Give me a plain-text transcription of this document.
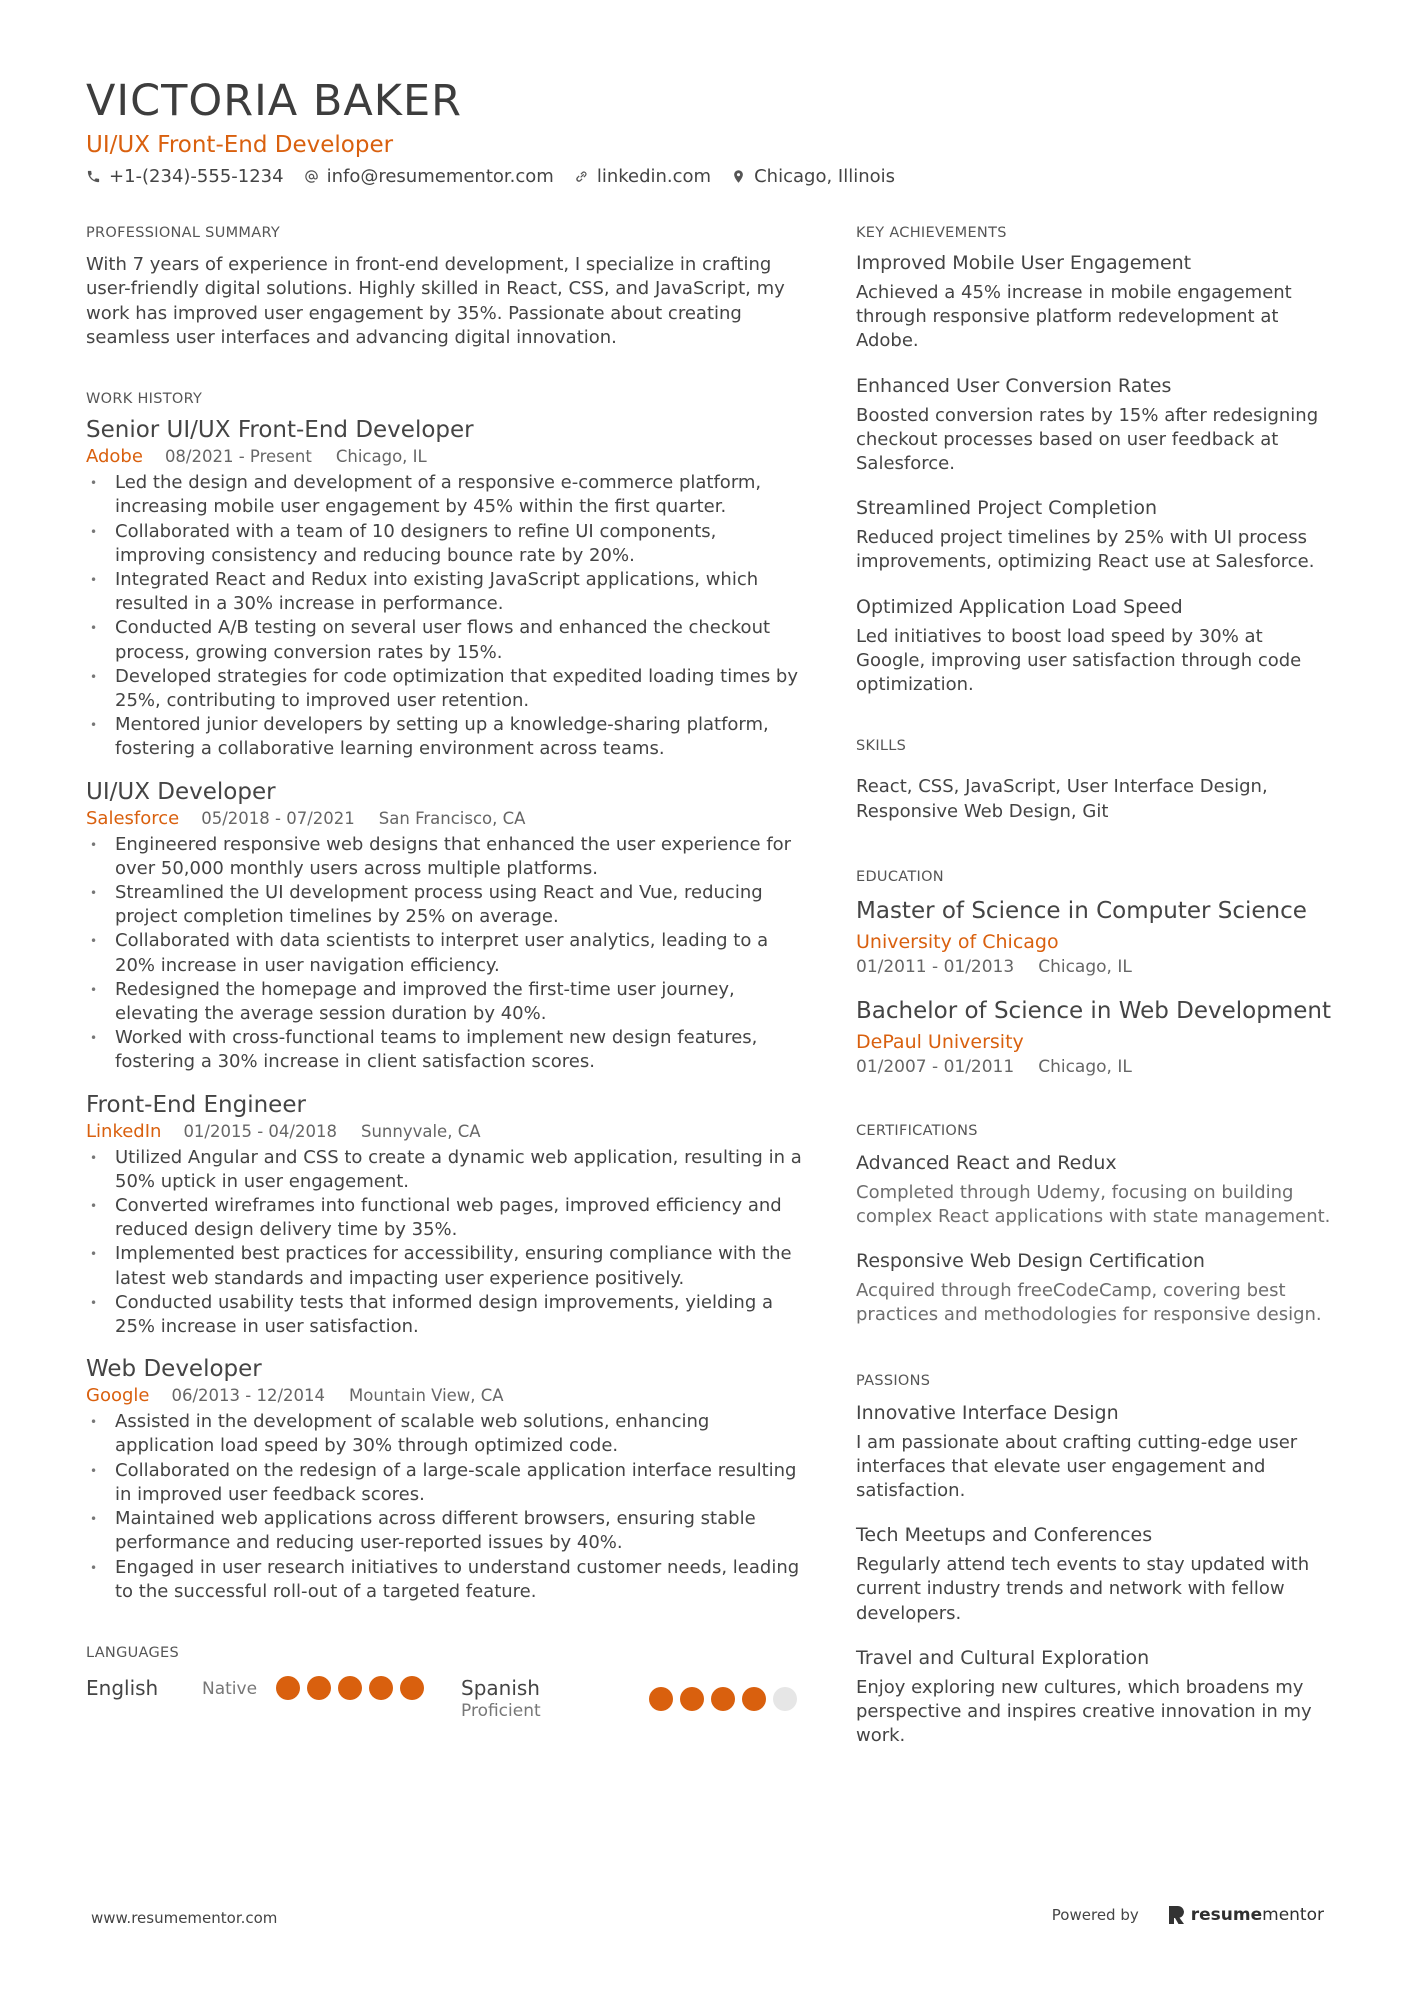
VICTORIA BAKER
UI/UX Front-End Developer
+1-(234)-555-1234 info@resumementor.com linkedin.com Chicago, Illinois
PROFESSIONAL SUMMARY
With 7 years of experience in front-end development, I specialize in crafting user-friendly digital solutions. Highly skilled in React, CSS, and JavaScript, my work has improved user engagement by 35%. Passionate about creating seamless user interfaces and advancing digital innovation.
WORK HISTORY
Senior UI/UX Front-End Developer
Adobe 08/2021 - Present Chicago, IL
• Led the design and development of a responsive e-commerce platform, increasing mobile user engagement by 45% within the first quarter.
• Collaborated with a team of 10 designers to refine UI components, improving consistency and reducing bounce rate by 20%.
• Integrated React and Redux into existing JavaScript applications, which resulted in a 30% increase in performance.
• Conducted A/B testing on several user flows and enhanced the checkout process, growing conversion rates by 15%.
• Developed strategies for code optimization that expedited loading times by 25%, contributing to improved user retention.
• Mentored junior developers by setting up a knowledge-sharing platform, fostering a collaborative learning environment across teams.
UI/UX Developer
Salesforce 05/2018 - 07/2021 San Francisco, CA
• Engineered responsive web designs that enhanced the user experience for over 50,000 monthly users across multiple platforms.
• Streamlined the UI development process using React and Vue, reducing project completion timelines by 25% on average.
• Collaborated with data scientists to interpret user analytics, leading to a 20% increase in user navigation efficiency.
• Redesigned the homepage and improved the first-time user journey, elevating the average session duration by 40%.
• Worked with cross-functional teams to implement new design features, fostering a 30% increase in client satisfaction scores.
Front-End Engineer
LinkedIn 01/2015 - 04/2018 Sunnyvale, CA
• Utilized Angular and CSS to create a dynamic web application, resulting in a 50% uptick in user engagement.
• Converted wireframes into functional web pages, improved efficiency and reduced design delivery time by 35%.
• Implemented best practices for accessibility, ensuring compliance with the latest web standards and impacting user experience positively.
• Conducted usability tests that informed design improvements, yielding a 25% increase in user satisfaction.
Web Developer
Google 06/2013 - 12/2014 Mountain View, CA
• Assisted in the development of scalable web solutions, enhancing application load speed by 30% through optimized code.
• Collaborated on the redesign of a large-scale application interface resulting in improved user feedback scores.
• Maintained web applications across different browsers, ensuring stable performance and reducing user-reported issues by 40%.
• Engaged in user research initiatives to understand customer needs, leading to the successful roll-out of a targeted feature.
LANGUAGES
English	Native	Spanish
Proficient
KEY ACHIEVEMENTS
Improved Mobile User Engagement
Achieved a 45% increase in mobile engagement through responsive platform redevelopment at Adobe.
Enhanced User Conversion Rates
Boosted conversion rates by 15% after redesigning checkout processes based on user feedback at Salesforce.
Streamlined Project Completion
Reduced project timelines by 25% with UI process improvements, optimizing React use at Salesforce.
Optimized Application Load Speed
Led initiatives to boost load speed by 30% at Google, improving user satisfaction through code optimization.
SKILLS
React, CSS, JavaScript, User Interface Design, Responsive Web Design, Git
EDUCATION
Master of Science in Computer Science
University of Chicago
01/2011 - 01/2013 Chicago, IL
Bachelor of Science in Web Development
DePaul University
01/2007 - 01/2011 Chicago, IL
CERTIFICATIONS
Advanced React and Redux
Completed through Udemy, focusing on building complex React applications with state management.
Responsive Web Design Certification
Acquired through freeCodeCamp, covering best practices and methodologies for responsive design.
PASSIONS
Innovative Interface Design
I am passionate about crafting cutting-edge user interfaces that elevate user engagement and satisfaction.
Tech Meetups and Conferences
Regularly attend tech events to stay updated with current industry trends and network with fellow developers.
Travel and Cultural Exploration
Enjoy exploring new cultures, which broadens my perspective and inspires creative innovation in my work.
www.resumementor.com	Powered by	resume mentor
